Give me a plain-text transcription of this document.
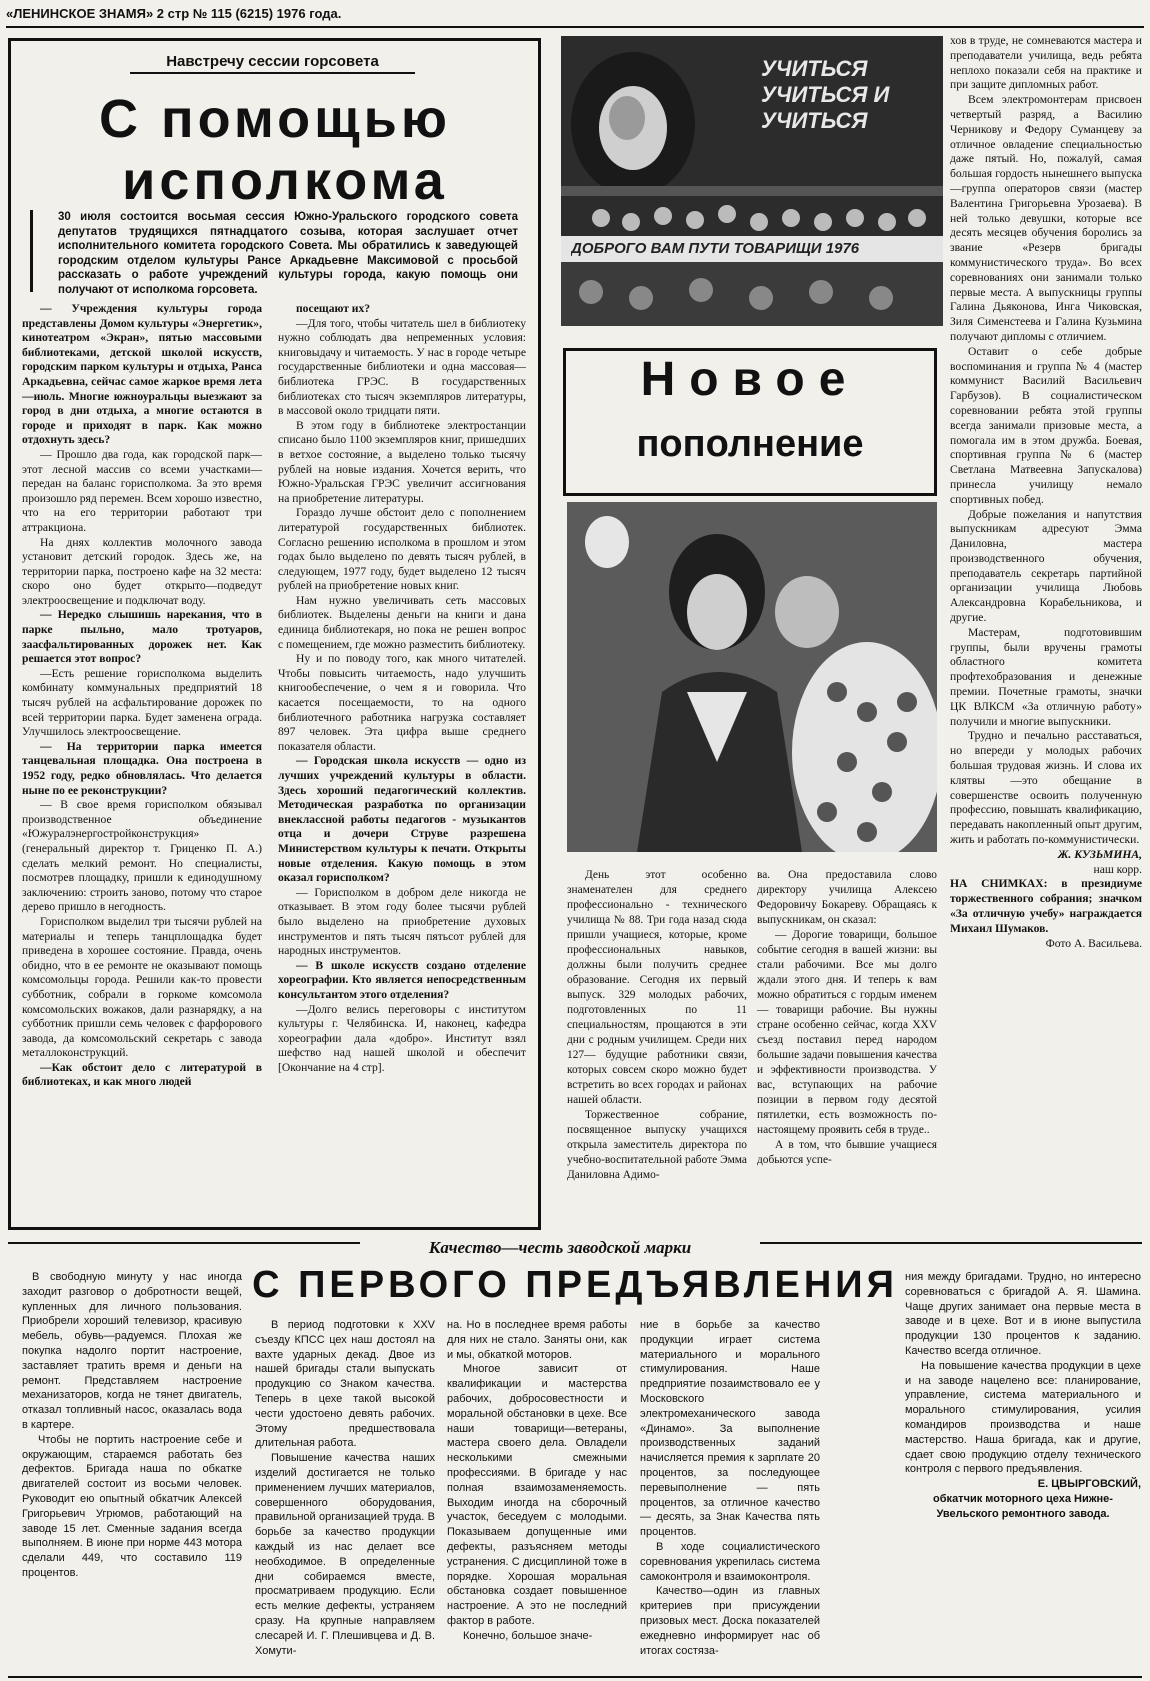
«ЛЕНИНСКОЕ ЗНАМЯ» 2 стр № 115 (6215) 1976 года.
Навстречу сессии горсовета
С помощью
исполкома
30 июля состоится восьмая сессия Южно-Уральского городского совета депутатов трудящихся пятнадцатого созыва, которая заслушает отчет исполнительного комитета городского Совета. Мы обратились к заведующей городским отделом культуры Рансе Аркадьевне Максимовой с просьбой рассказать о работе учреждений культуры города, какую помощь они получают от исполкома горсовета.

— Учреждения культуры города представлены Домом культуры «Энергетик», кинотеатром «Экран», пятью массовыми библиотеками, детской школой искусств, городским парком культуры и отдыха, Ранса Аркадьевна, сейчас самое жаркое время лета—июль. Многие южноуральцы выезжают за город в дни отдыха, а многие остаются в городе и приходят в парк. Как можно отдохнуть здесь?

— Прошло два года, как городской парк—этот лесной массив со всеми участками—передан на баланс горисполкома. За это время произошло ряд перемен. Всем хорошо известно, что на его территории работают три аттракциона.

На днях коллектив молочного завода установит детский городок. Здесь же, на территории парка, построено кафе на 32 места: скоро оно будет открыто—подведут электроосвещение и подключат воду.

— Нередко слышишь нарекания, что в парке пыльно, мало тротуаров, заасфальтированных дорожек нет. Как решается этот вопрос?

—Есть решение горисполкома выделить комбинату коммунальных предприятий 18 тысяч рублей на асфальтирование дорожек по всей территории парка. Будет заменена ограда. Улучшилось электроосвещение.

— На территории парка имеется танцевальная площадка. Она построена в 1952 году, редко обновлялась. Что делается ныне по ее реконструкции?

— В свое время горисполком обязывал производственное объединение «Южуралэнергостройконструкция» (генеральный директор т. Гриценко П. А.) сделать мелкий ремонт. Но специалисты, посмотрев площадку, пришли к единодушному заключению: строить заново, потому что старое дерево пришло в негодность.

Горисполком выделил три тысячи рублей на материалы и теперь танцплощадка будет приведена в хорошее состояние. Правда, очень обидно, что в ее ремонте не оказывают помощь комсомольцы города. Решили как-то провести субботник, собрали в горкоме комсомола комсомольских вожаков, дали разнарядку, а на субботник пришли семь человек с фарфорового завода, да комсомольский секретарь с завода металлоконструкций.

—Как обстоит дело с литературой в библиотеках, и как много людей

посещают их?

—Для того, чтобы читатель шел в библиотеку нужно соблюдать два непременных условия: книговыдачу и читаемость. У нас в городе четыре государственные библиотеки и одна массовая—библиотека ГРЭС. В государственных библиотеках сто тысяч экземпляров литературы, в массовой около тридцати пяти.

В этом году в библиотеке электростанции списано было 1100 экземпляров книг, пришедших в ветхое состояние, а выделено только тысячу рублей на новые издания. Хочется верить, что Южно-Уральская ГРЭС увеличит ассигнования на приобретение литературы.

Гораздо лучше обстоит дело с пополнением литературой государственных библиотек. Согласно решению исполкома в прошлом и этом годах было выделено по девять тысяч рублей, в следующем, 1977 году, будет выделено 12 тысяч рублей на приобретение новых книг.

Нам нужно увеличивать сеть массовых библиотек. Выделены деньги на книги и дана единица библиотекаря, но пока не решен вопрос с помещением, где можно разместить библиотеку.

Ну и по поводу того, как много читателей. Чтобы повысить читаемость, надо улучшить книгообеспечение, о чем я и говорила. Что касается посещаемости, то на одного библиотечного работника нагрузка составляет 897 человек. Эта цифра выше среднего показателя области.

— Городская школа искусств — одно из лучших учреждений культуры в области. Здесь хороший педагогический коллектив. Методическая разработка по организации внеклассной работы педагогов - музыкантов отца и дочери Струве разрешена Министерством культуры к печати. Открыты новые отделения. Какую помощь в этом оказал горисполком?

— Горисполком в добром деле никогда не отказывает. В этом году более тысячи рублей было выделено на приобретение духовых инструментов и пять тысяч пятьсот рублей для народных инструментов.

— В школе искусств создано отделение хореографии. Кто является непосредственным консультантом этого отделения?

—Долго велись переговоры с институтом культуры г. Челябинска. И, наконец, кафедра хореографии дала «добро». Институт взял шефство над нашей школой и обеспечит [Окончание на 4 стр].

УЧИТЬСЯ УЧИТЬСЯ И УЧИТЬСЯ
ДОБРОГО ВАМ ПУТИ ТОВАРИЩИ 1976
Новое
пополнение

День этот особенно знаменателен для среднего профессионально - технического училища № 88. Три года назад сюда пришли учащиеся, которые, кроме профессиональных навыков, должны были получить среднее образование. Сегодня их первый выпуск. 329 молодых рабочих, подготовленных по 11 специальностям, прощаются в эти дни с родным училищем. Среди них 127— будущие работники связи, которых совсем скоро можно будет встретить во всех городах и районах нашей области.

Торжественное собрание, посвященное выпуску учащихся открыла заместитель директора по учебно-воспитательной работе Эмма Даниловна Адимо-

ва. Она предоставила слово директору училища Алексею Федоровичу Бокареву. Обращаясь к выпускникам, он сказал:

— Дорогие товарищи, большое событие сегодня в вашей жизни: вы стали рабочими. Все мы долго ждали этого дня. И теперь к вам можно обратиться с гордым именем — товарищи рабочие. Вы нужны стране особенно сейчас, когда XXV съезд поставил перед народом большие задачи повышения качества и эффективности производства. У вас, вступающих на рабочие позиции в первом году десятой пятилетки, есть возможность по-настоящему проявить себя в труде..

А в том, что бывшие учащиеся добьются успе-

хов в труде, не сомневаются мастера и преподаватели училища, ведь ребята неплохо показали себя на практике и при защите дипломных работ.

Всем электромонтерам присвоен четвертый разряд, а Василию Черникову и Федору Суманцеву за отличное овладение специальностью даже пятый. Но, пожалуй, самая большая гордость нынешнего выпуска—группа операторов связи (мастер Валентина Григорьевна Урозаева). В ней только девушки, которые все десять месяцев обучения боролись за звание «Резерв бригады коммунистического труда». Во всех соревнованиях они занимали только первые места. А выпускницы группы Галина Дьяконова, Инга Чиковская, Зиля Сименстеева и Галина Кузьмина получают дипломы с отличием.

Оставит о себе добрые воспоминания и группа № 4 (мастер коммунист Василий Васильевич Гарбузов). В социалистическом соревновании ребята этой группы всегда занимали призовые места, а помогала им в этом дружба. Боевая, спортивная группа № 6 (мастер Светлана Матвеевна Запускалова) принесла училищу немало спортивных побед.

Добрые пожелания и напутствия выпускникам адресуют Эмма Даниловна, мастера производственного обучения, преподаватель секретарь партийной организации училища Любовь Александровна Корабельникова, и другие.

Мастерам, подготовившим группы, были вручены грамоты областного комитета профтехобразования и денежные премии. Почетные грамоты, значки ЦК ВЛКСМ «За отличную работу» получили и многие выпускники.

Трудно и печально расставаться, но впереди у молодых рабочих большая трудовая жизнь. И слова их клятвы —это обещание в совершенстве освоить полученную профессию, повышать квалификацию, передавать накопленный опыт другим, жить и работать по-коммунистически.

Ж. КУЗЬМИНА,

наш корр.

НА СНИМКАХ: в президиуме торжественного собрания; значком «За отличную учебу» награждается Михаил Шумаков.

Фото А. Васильева.

Качество—честь заводской марки
С ПЕРВОГО ПРЕДЪЯВЛЕНИЯ

В свободную минуту у нас иногда заходит разговор о добротности вещей, купленных для личного пользования. Приобрели хороший телевизор, красивую мебель, обувь—радуемся. Плохая же покупка надолго портит настроение, заставляет тратить время и деньги на ремонт. Представляем настроение механизаторов, когда не тянет двигатель, отказал топливный насос, оказалась вода в картере.

Чтобы не портить настроение себе и окружающим, стараемся работать без дефектов. Бригада наша по обкатке двигателей состоит из восьми человек. Руководит ею опытный обкатчик Алексей Григорьевич Угрюмов, работающий на заводе 15 лет. Сменные задания всегда выполняем. В июне при норме 443 мотора сделали 449, что составило 119 процентов.

В период подготовки к XXV съезду КПСС цех наш достоял на вахте ударных декад. Двое из нашей бригады стали выпускать продукцию со Знаком качества. Теперь в цехе такой высокой чести удостоено девять рабочих. Этому предшествовала длительная работа.

Повышение качества наших изделий достигается не только применением лучших материалов, совершенного оборудования, правильной организацией труда. В борьбе за качество продукции каждый из нас делает все необходимое. В определенные дни собираемся вместе, просматриваем продукцию. Если есть мелкие дефекты, устраняем сразу. На крупные направляем слесарей И. Г. Плешивцева и Д. В. Хомути-

на. Но в последнее время работы для них не стало. Заняты они, как и мы, обкаткой моторов.

Многое зависит от квалификации и мастерства рабочих, добросовестности и моральной обстановки в цехе. Все наши товарищи—ветераны, мастера своего дела. Овладели несколькими смежными профессиями. В бригаде у нас полная взаимозаменяемость. Выходим иногда на сборочный участок, беседуем с молодыми. Показываем допущенные ими дефекты, разъясняем методы устранения. С дисциплиной тоже в порядке. Хорошая моральная обстановка создает повышенное настроение. А это не последний фактор в работе.

Конечно, большое значе-

ние в борьбе за качество продукции играет система материального и морального стимулирования. Наше предприятие позаимствовало ее у Московского электромеханического завода «Динамо». За выполнение производственных заданий начисляется премия к зарплате 20 процентов, за последующее перевыполнение — пять процентов, за отличное качество — десять, за Знак Качества пять процентов.

В ходе социалистического соревнования укрепилась система самоконтроля и взаимоконтроля.

Качество—один из главных критериев при присуждении призовых мест. Доска показателей ежедневно информирует нас об итогах состяза-

ния между бригадами. Трудно, но интересно соревноваться с бригадой А. Я. Шамина. Чаще других занимает она первые места в заводе и в цехе. Вот и в июне выпустила продукции 130 процентов к заданию. Качество всегда отличное.

На повышение качества продукции в цехе и на заводе нацелено все: планирование, управление, система материального и морального стимулирования, усилия командиров производства и наше мастерство. Наша бригада, как и другие, сдает свою продукцию отделу технического контроля с первого предъявления.

Е. ЦВЫРГОВСКИЙ,

обкатчик моторного цеха Нижне-Увельского ремонтного завода.
